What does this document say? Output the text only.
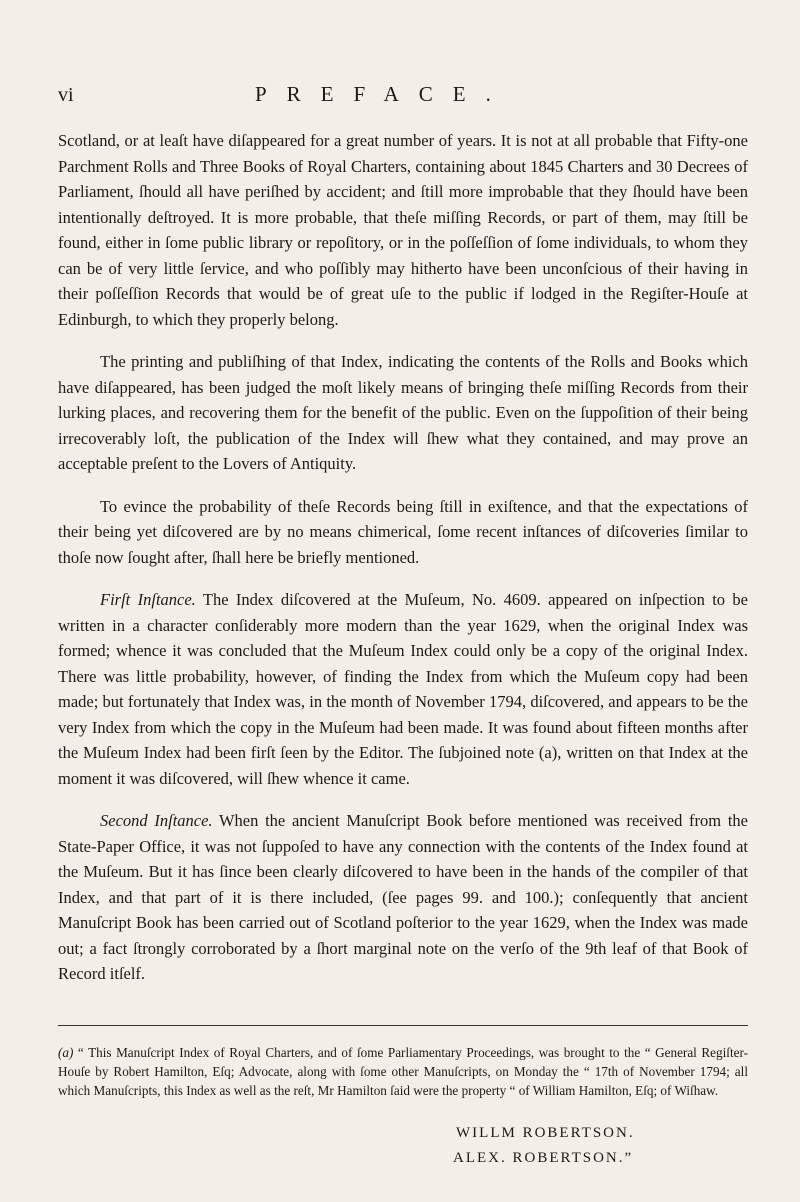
vi	PREFACE.

Scotland, or at leaſt have diſappeared for a great number of years. It is not at all probable that Fifty-one Parchment Rolls and Three Books of Royal Charters, containing about 1845 Charters and 30 Decrees of Parliament, ſhould all have periſhed by accident; and ſtill more improbable that they ſhould have been intentionally deſtroyed. It is more probable, that theſe miſſing Records, or part of them, may ſtill be found, either in ſome public library or repoſitory, or in the poſſeſſion of ſome individuals, to whom they can be of very little ſervice, and who poſſibly may hitherto have been unconſcious of their having in their poſſeſſion Records that would be of great uſe to the public if lodged in the Regiſter-Houſe at Edinburgh, to which they properly belong.

The printing and publiſhing of that Index, indicating the contents of the Rolls and Books which have diſappeared, has been judged the moſt likely means of bringing theſe miſſing Records from their lurking places, and recovering them for the benefit of the public. Even on the ſuppoſition of their being irrecoverably loſt, the publication of the Index will ſhew what they contained, and may prove an acceptable preſent to the Lovers of Antiquity.

To evince the probability of theſe Records being ſtill in exiſtence, and that the expectations of their being yet diſcovered are by no means chimerical, ſome recent inſtances of diſcoveries ſimilar to thoſe now ſought after, ſhall here be briefly mentioned.

Firſt Inſtance. The Index diſcovered at the Muſeum, No. 4609. appeared on inſpection to be written in a character conſiderably more modern than the year 1629, when the original Index was formed; whence it was concluded that the Muſeum Index could only be a copy of the original Index. There was little probability, however, of finding the Index from which the Muſeum copy had been made; but fortunately that Index was, in the month of November 1794, diſcovered, and appears to be the very Index from which the copy in the Muſeum had been made. It was found about fifteen months after the Muſeum Index had been firſt ſeen by the Editor. The ſubjoined note (a), written on that Index at the moment it was diſcovered, will ſhew whence it came.

Second Inſtance. When the ancient Manuſcript Book before mentioned was received from the State-Paper Office, it was not ſuppoſed to have any connection with the contents of the Index found at the Muſeum. But it has ſince been clearly diſcovered to have been in the hands of the compiler of that Index, and that part of it is there included, (ſee pages 99. and 100.); conſequently that ancient Manuſcript Book has been carried out of Scotland poſterior to the year 1629, when the Index was made out; a fact ſtrongly corroborated by a ſhort marginal note on the verſo of the 9th leaf of that Book of Record itſelf.

(a) “ This Manuſcript Index of Royal Charters, and of ſome Parliamentary Proceedings, was brought to the “ General Regiſter-Houſe by Robert Hamilton, Eſq; Advocate, along with ſome other Manuſcripts, on Monday the “ 17th of November 1794; all which Manuſcripts, this Index as well as the reſt, Mr Hamilton ſaid were the property “ of William Hamilton, Eſq; of Wiſhaw.

WILLM ROBERTSON.
ALEX. ROBERTSON.”
